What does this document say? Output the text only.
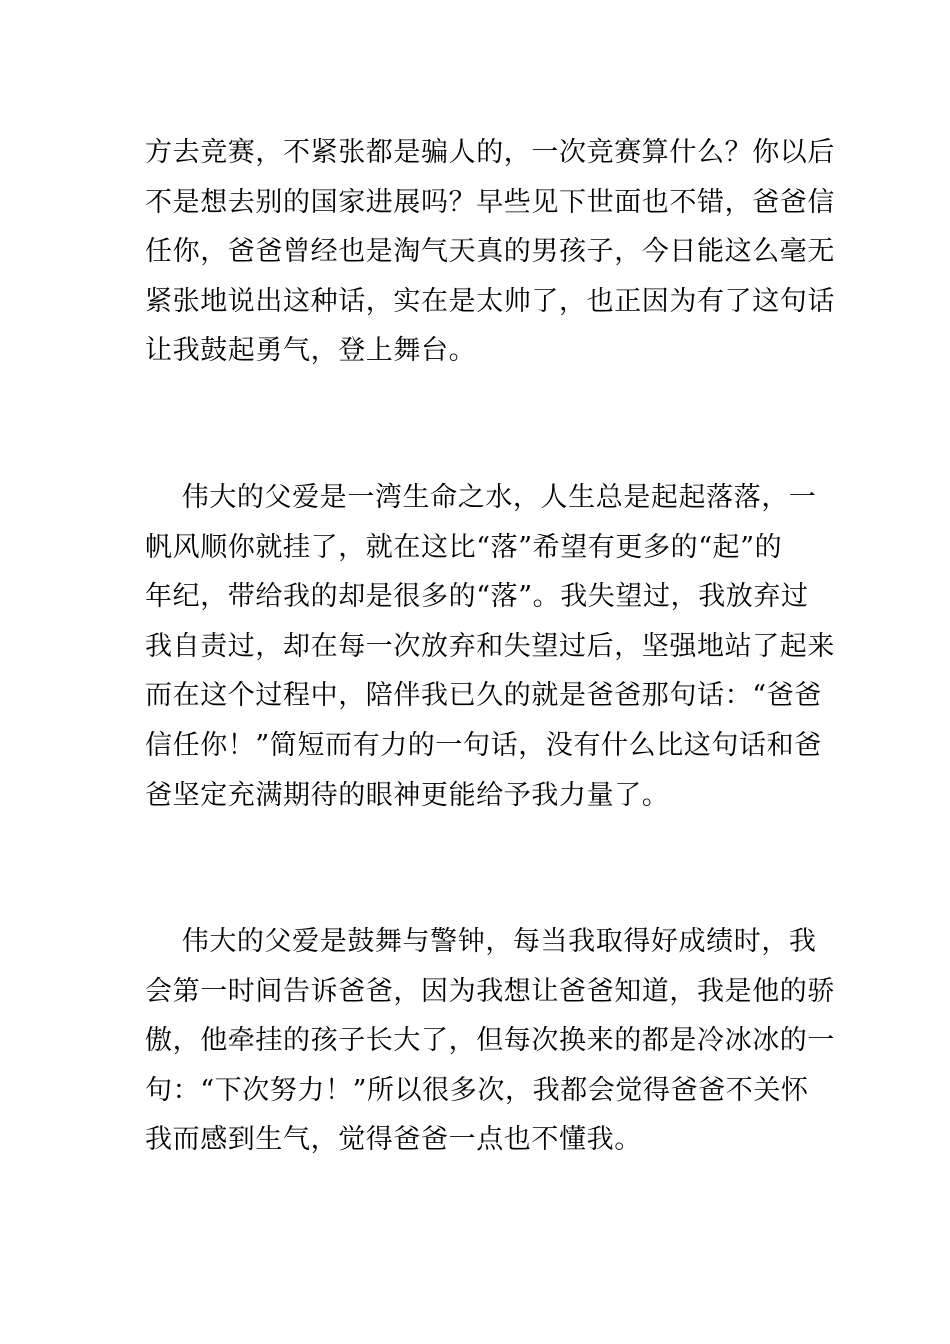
方去竞赛，不紧张都是骗人的，一次竞赛算什么？你以后
不是想去别的国家进展吗？早些见下世面也不错，爸爸信
任你，爸爸曾经也是淘气天真的男孩子，今日能这么毫无
紧张地说出这种话，实在是太帅了，也正因为有了这句话
让我鼓起勇气，登上舞台。
伟大的父爱是一湾生命之水，人生总是起起落落，一
帆风顺你就挂了，就在这比“落”希望有更多的“起”的
年纪，带给我的却是很多的“落”。我失望过，我放弃过
我自责过，却在每一次放弃和失望过后，坚强地站了起来
而在这个过程中，陪伴我已久的就是爸爸那句话：“爸爸
信任你！”简短而有力的一句话，没有什么比这句话和爸
爸坚定充满期待的眼神更能给予我力量了。
伟大的父爱是鼓舞与警钟，每当我取得好成绩时，我
会第一时间告诉爸爸，因为我想让爸爸知道，我是他的骄
傲，他牵挂的孩子长大了，但每次换来的都是冷冰冰的一
句：“下次努力！”所以很多次，我都会觉得爸爸不关怀
我而感到生气，觉得爸爸一点也不懂我。
